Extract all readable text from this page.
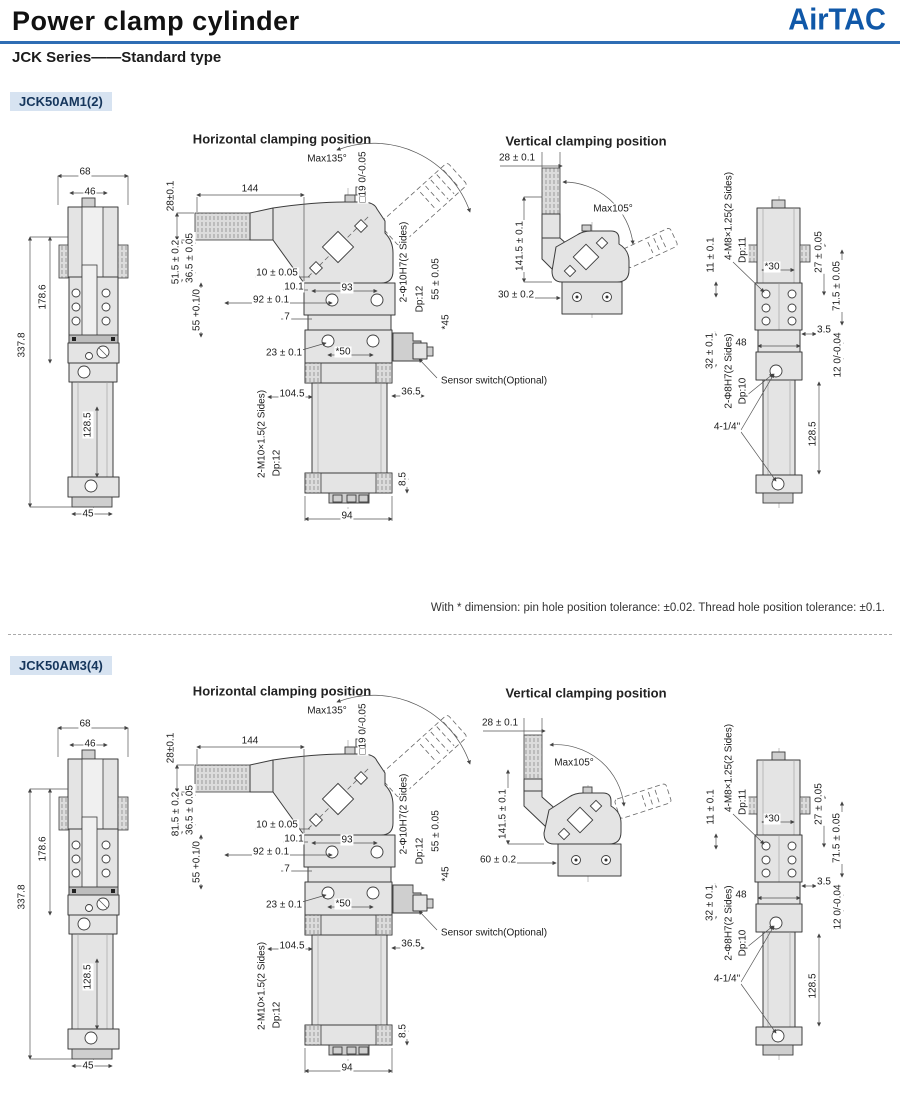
Power clamp cylinder	AirTAC
JCK Series——Standard type
JCK50AM1(2)
Horizontal clamping position	Vertical clamping position
JCK50AM3(4)
Horizontal clamping position	Vertical clamping position
With * dimension: pin hole position tolerance: ±0.02. Thread hole position tolerance: ±0.1.
68
46
178.6
337.8
128.5
45
Max135°
144	□19 0/-0.05
28±0.1
51.5 ± 0.2 36.5 ± 0.05
55 +0.1/0
10 ± 0.05
10.1	93
92 ± 0.1
7
2-Φ10H7(2 Sides) Dp:12 55 ± 0.05
*45
23 ± 0.1	*50
Sensor switch(Optional)
104.5	36.5
2-M10×1.5(2 Sides) Dp:12
8.5
94
28 ± 0.1
Max105°
141.5 ± 0.1
30 ± 0.2
4-M8×1.25(2 Sides) Dp:11
11 ± 0.1	*30	27 ± 0.05
71.5 ± 0.05
3.5
32 ± 0.1 48	12 0/-0.04
2-Φ8H7(2 Sides) Dp:10
4-1/4"	128.5
68
46
178.6
337.8
128.5
45
Max135°
144	□19 0/-0.05
28±0.1
81.5 ± 0.2 36.5 ± 0.05
55 +0.1/0
10 ± 0.05
10.1	93
92 ± 0.1
7
2-Φ10H7(2 Sides) Dp:12 55 ± 0.05
*45
23 ± 0.1	*50
Sensor switch(Optional)
104.5	36.5
2-M10×1.5(2 Sides) Dp:12
8.5
94
28 ± 0.1
Max105°
141.5 ± 0.1
60 ± 0.2
4-M8×1.25(2 Sides) Dp:11
11 ± 0.1	*30	27 ± 0.05
71.5 ± 0.05
3.5
32 ± 0.1 48	12 0/-0.04
2-Φ8H7(2 Sides) Dp:10
4-1/4"	128.5
